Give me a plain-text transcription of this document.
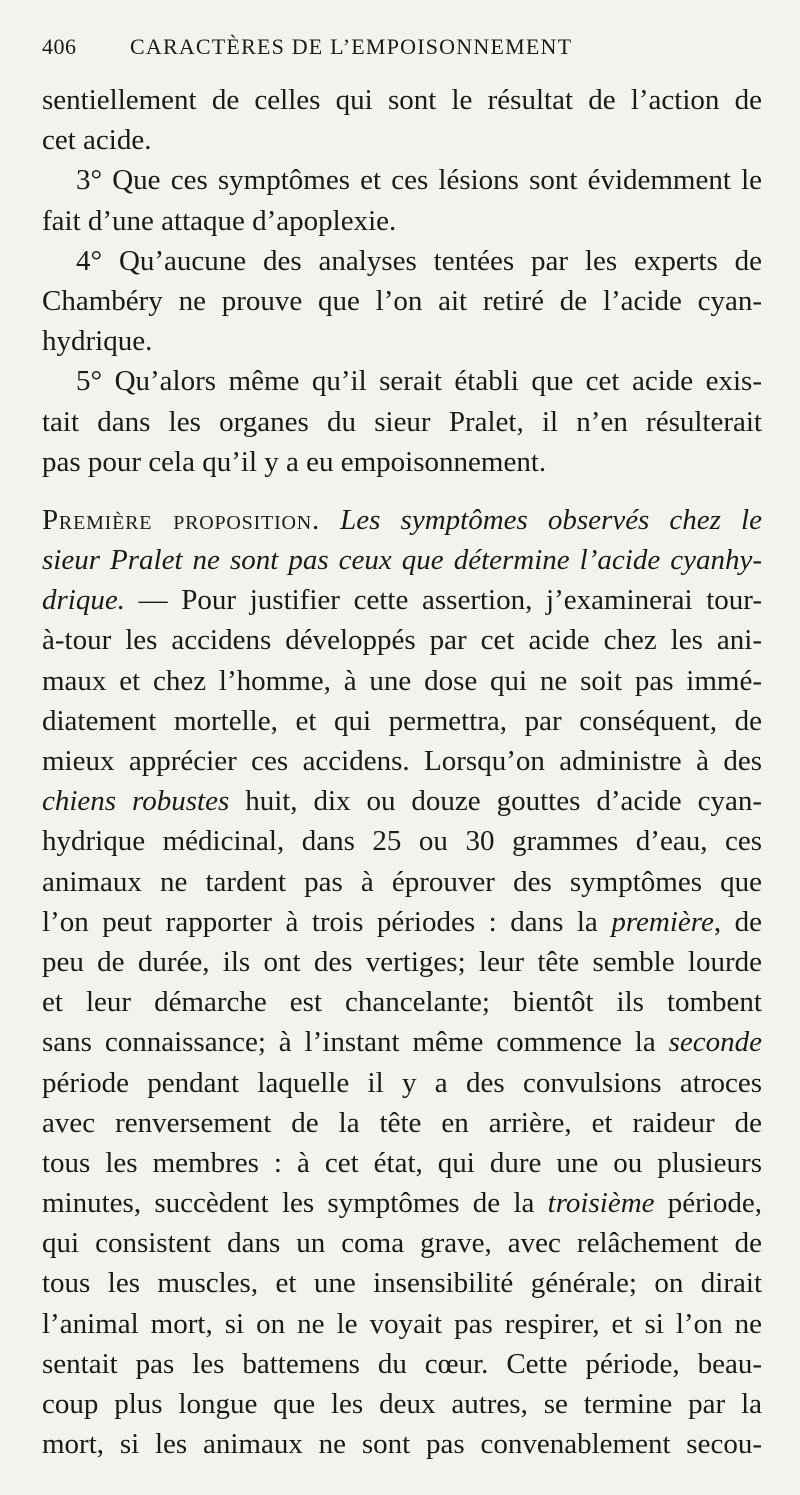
406	CARACTÈRES DE L’EMPOISONNEMENT
sentiellement de celles qui sont le résultat de l’action de
cet acide.
3° Que ces symptômes et ces lésions sont évidemment le
fait d’une attaque d’apoplexie.
4° Qu’aucune des analyses tentées par les experts de
Chambéry ne prouve que l’on ait retiré de l’acide cyan-
hydrique.
5° Qu’alors même qu’il serait établi que cet acide exis-
tait dans les organes du sieur Pralet, il n’en résulterait
pas pour cela qu’il y a eu empoisonnement.
Première proposition. Les symptômes observés chez le
sieur Pralet ne sont pas ceux que détermine l’acide cyanhy-
drique. — Pour justifier cette assertion, j’examinerai tour-
à-tour les accidens développés par cet acide chez les ani-
maux et chez l’homme, à une dose qui ne soit pas immé-
diatement mortelle, et qui permettra, par conséquent, de
mieux apprécier ces accidens. Lorsqu’on administre à des
chiens robustes huit, dix ou douze gouttes d’acide cyan-
hydrique médicinal, dans 25 ou 30 grammes d’eau, ces
animaux ne tardent pas à éprouver des symptômes que
l’on peut rapporter à trois périodes : dans la première, de
peu de durée, ils ont des vertiges; leur tête semble lourde
et leur démarche est chancelante; bientôt ils tombent
sans connaissance; à l’instant même commence la seconde
période pendant laquelle il y a des convulsions atroces
avec renversement de la tête en arrière, et raideur de
tous les membres : à cet état, qui dure une ou plusieurs
minutes, succèdent les symptômes de la troisième période,
qui consistent dans un coma grave, avec relâchement de
tous les muscles, et une insensibilité générale; on dirait
l’animal mort, si on ne le voyait pas respirer, et si l’on ne
sentait pas les battemens du cœur. Cette période, beau-
coup plus longue que les deux autres, se termine par la
mort, si les animaux ne sont pas convenablement secou-
